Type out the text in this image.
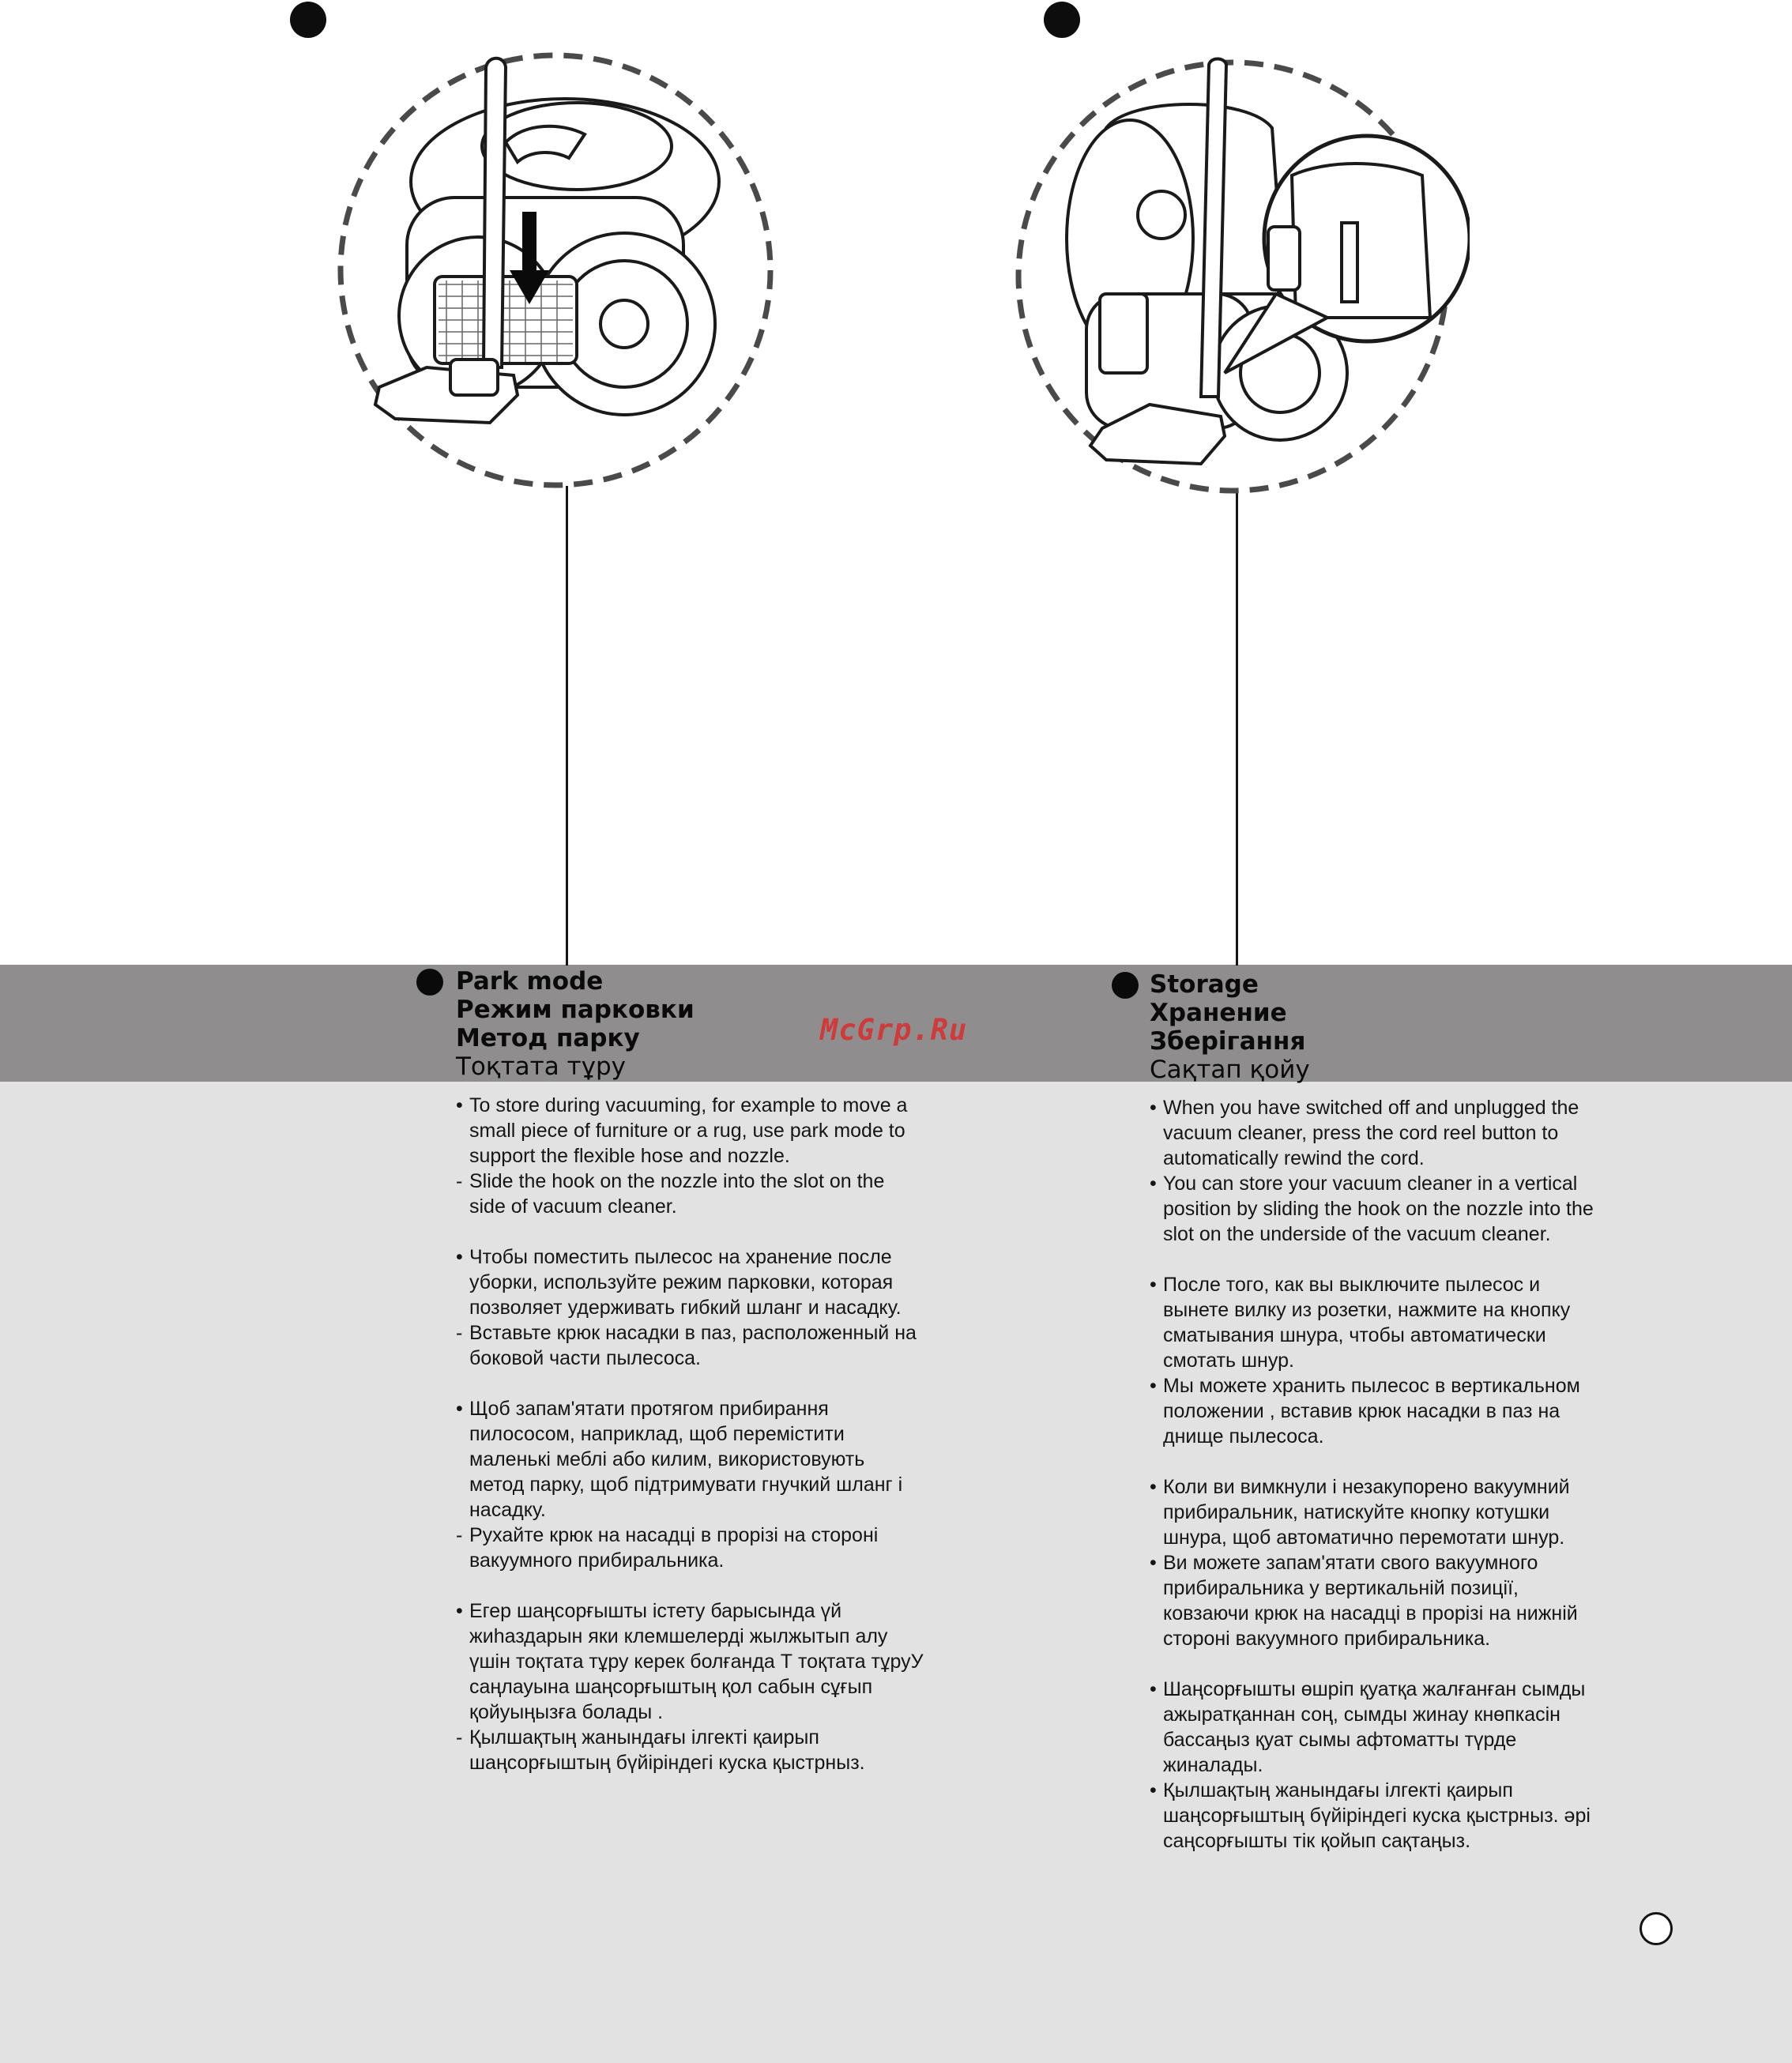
Park mode
Режим парковки
Метод парку
Тоқтата тұру
Storage
Хранение
Зберігання
Сақтап қойу
McGrp.Ru
• To store during vacuuming, for example to move a small piece of furniture or a rug, use park mode to support the flexible hose and nozzle.
- Slide the hook on the nozzle into the slot on the side of vacuum cleaner.
• Чтобы поместить пылесос на хранение после уборки, используйте режим парковки, которая позволяет удерживать гибкий шланг и насадку.
- Вставьте крюк насадки в паз, расположенный на боковой части пылесоса.
• Щоб запам'ятати протягом прибирання пилососом, наприклад, щоб перемістити маленькі меблі або килим, використовують метод парку, щоб підтримувати гнучкий шланг і насадку.
- Рухайте крюк на насадці в прорізі на стороні вакуумного прибиральника.
• Егер шаңсорғышты істету барысында үй жиһаздарын яки клемшелерді жылжытып алу үшін тоқтата тұру керек болғанда Т тоқтата тұруУ саңлауына шаңсорғыштың қол сабын сұғып қойуыңызға болады .
- Қылшақтың жанындағы ілгекті қаирып шаңсорғыштың бүйіріндегі куска қыстрныз.
• When you have switched off and unplugged the vacuum cleaner, press the cord reel button to automatically rewind the cord.
• You can store your vacuum cleaner in a vertical position by sliding the hook on the nozzle into the slot on the underside of the vacuum cleaner.
• После того, как вы выключите пылесос и вынете вилку из розетки, нажмите на кнопку сматывания шнура, чтобы автоматически смотать шнур.
• Мы можете хранить пылесос в вертикальном положении , вставив крюк насадки в паз на днище пылесоса.
• Коли ви вимкнули і незакупорено вакуумний прибиральник, натискуйте кнопку котушки шнура, щоб автоматично перемотати шнур.
• Ви можете запам'ятати свого вакуумного прибиральника у вертикальній позиції, ковзаючи крюк на насадці в прорізі на нижній стороні вакуумного прибиральника.
• Шаңсорғышты өшріп қуатқа жалғанған сымды ажыратқаннан соң, сымды жинау кнөпкасін бассаңыз қуат сымы афтоматты түрде жиналады.
• Қылшақтың жанындағы ілгекті қаирып шаңсорғыштың бүйіріндегі куска қыстрныз. әрі саңсорғышты тік қойып сақтаңыз.
